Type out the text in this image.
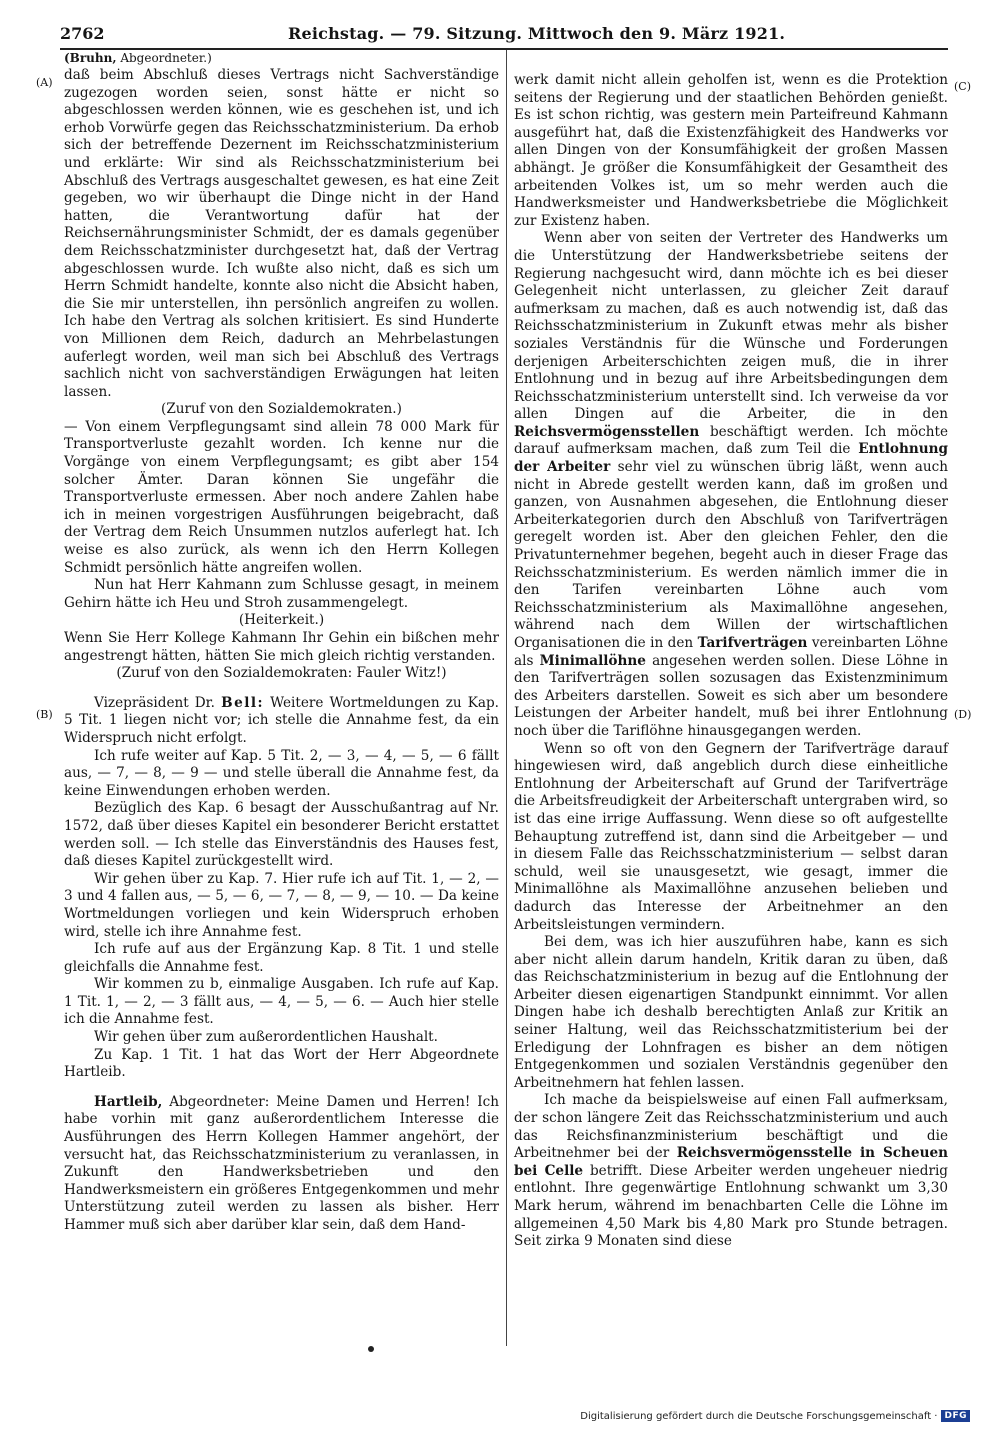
2762	Reichstag. — 79. Sitzung. Mittwoch den 9. März 1921.
(A)
(B)
(C)
(D)

(Bruhn, Abgeordneter.)

daß beim Abschluß dieses Vertrags nicht Sachverständige zugezogen worden seien, sonst hätte er nicht so abgeschlossen werden können, wie es geschehen ist, und ich erhob Vorwürfe gegen das Reichsschatzministerium. Da erhob sich der betreffende Dezernent im Reichsschatzministerium und erklärte: Wir sind als Reichsschatzministerium bei Abschluß des Vertrags ausgeschaltet gewesen, es hat eine Zeit gegeben, wo wir überhaupt die Dinge nicht in der Hand hatten, die Verantwortung dafür hat der Reichsernährungsminister Schmidt, der es damals gegenüber dem Reichsschatzminister durchgesetzt hat, daß der Vertrag abgeschlossen wurde. Ich wußte also nicht, daß es sich um Herrn Schmidt handelte, konnte also nicht die Absicht haben, die Sie mir unterstellen, ihn persönlich angreifen zu wollen. Ich habe den Vertrag als solchen kritisiert. Es sind Hunderte von Millionen dem Reich, dadurch an Mehrbelastungen auferlegt worden, weil man sich bei Abschluß des Vertrags sachlich nicht von sachverständigen Erwägungen hat leiten lassen.

(Zuruf von den Sozialdemokraten.)

— Von einem Verpflegungsamt sind allein 78 000 Mark für Transportverluste gezahlt worden. Ich kenne nur die Vorgänge von einem Verpflegungsamt; es gibt aber 154 solcher Ämter. Daran können Sie ungefähr die Transportverluste ermessen. Aber noch andere Zahlen habe ich in meinen vorgestrigen Ausführungen beigebracht, daß der Vertrag dem Reich Unsummen nutzlos auferlegt hat. Ich weise es also zurück, als wenn ich den Herrn Kollegen Schmidt persönlich hätte angreifen wollen.

Nun hat Herr Kahmann zum Schlusse gesagt, in meinem Gehirn hätte ich Heu und Stroh zusammengelegt.

(Heiterkeit.)

Wenn Sie Herr Kollege Kahmann Ihr Gehin ein bißchen mehr angestrengt hätten, hätten Sie mich gleich richtig verstanden.

(Zuruf von den Sozialdemokraten: Fauler Witz!)

Vizepräsident Dr. Bell: Weitere Wortmeldungen zu Kap. 5 Tit. 1 liegen nicht vor; ich stelle die Annahme fest, da ein Widerspruch nicht erfolgt.

Ich rufe weiter auf Kap. 5 Tit. 2, — 3, — 4, — 5, — 6 fällt aus, — 7, — 8, — 9 — und stelle überall die Annahme fest, da keine Einwendungen erhoben werden.

Bezüglich des Kap. 6 besagt der Ausschußantrag auf Nr. 1572, daß über dieses Kapitel ein besonderer Bericht erstattet werden soll. — Ich stelle das Einverständnis des Hauses fest, daß dieses Kapitel zurückgestellt wird.

Wir gehen über zu Kap. 7. Hier rufe ich auf Tit. 1, — 2, — 3 und 4 fallen aus, — 5, — 6, — 7, — 8, — 9, — 10. — Da keine Wortmeldungen vorliegen und kein Widerspruch erhoben wird, stelle ich ihre Annahme fest.

Ich rufe auf aus der Ergänzung Kap. 8 Tit. 1 und stelle gleichfalls die Annahme fest.

Wir kommen zu b, einmalige Ausgaben. Ich rufe auf Kap. 1 Tit. 1, — 2, — 3 fällt aus, — 4, — 5, — 6. — Auch hier stelle ich die Annahme fest.

Wir gehen über zum außerordentlichen Haushalt.

Zu Kap. 1 Tit. 1 hat das Wort der Herr Abgeordnete Hartleib.

Hartleib, Abgeordneter: Meine Damen und Herren! Ich habe vorhin mit ganz außerordentlichem Interesse die Ausführungen des Herrn Kollegen Hammer angehört, der versucht hat, das Reichsschatzministerium zu veranlassen, in Zukunft den Handwerksbetrieben und den Handwerksmeistern ein größeres Entgegenkommen und mehr Unterstützung zuteil werden zu lassen als bisher. Herr Hammer muß sich aber darüber klar sein, daß dem Hand-

werk damit nicht allein geholfen ist, wenn es die Protektion seitens der Regierung und der staatlichen Behörden genießt. Es ist schon richtig, was gestern mein Parteifreund Kahmann ausgeführt hat, daß die Existenzfähigkeit des Handwerks vor allen Dingen von der Konsumfähigkeit der großen Massen abhängt. Je größer die Konsumfähigkeit der Gesamtheit des arbeitenden Volkes ist, um so mehr werden auch die Handwerksmeister und Handwerksbetriebe die Möglichkeit zur Existenz haben.

Wenn aber von seiten der Vertreter des Handwerks um die Unterstützung der Handwerksbetriebe seitens der Regierung nachgesucht wird, dann möchte ich es bei dieser Gelegenheit nicht unterlassen, zu gleicher Zeit darauf aufmerksam zu machen, daß es auch notwendig ist, daß das Reichsschatzministerium in Zukunft etwas mehr als bisher soziales Verständnis für die Wünsche und Forderungen derjenigen Arbeiterschichten zeigen muß, die in ihrer Entlohnung und in bezug auf ihre Arbeitsbedingungen dem Reichsschatzministerium unterstellt sind. Ich verweise da vor allen Dingen auf die Arbeiter, die in den Reichsvermögensstellen beschäftigt werden. Ich möchte darauf aufmerksam machen, daß zum Teil die Entlohnung der Arbeiter sehr viel zu wünschen übrig läßt, wenn auch nicht in Abrede gestellt werden kann, daß im großen und ganzen, von Ausnahmen abgesehen, die Entlohnung dieser Arbeiterkategorien durch den Abschluß von Tarifverträgen geregelt worden ist. Aber den gleichen Fehler, den die Privatunternehmer begehen, begeht auch in dieser Frage das Reichsschatzministerium. Es werden nämlich immer die in den Tarifen vereinbarten Löhne auch vom Reichsschatzministerium als Maximallöhne angesehen, während nach dem Willen der wirtschaftlichen Organisationen die in den Tarifverträgen vereinbarten Löhne als Minimallöhne angesehen werden sollen. Diese Löhne in den Tarifverträgen sollen sozusagen das Existenzminimum des Arbeiters darstellen. Soweit es sich aber um besondere Leistungen der Arbeiter handelt, muß bei ihrer Entlohnung noch über die Tariflöhne hinausgegangen werden.

Wenn so oft von den Gegnern der Tarifverträge darauf hingewiesen wird, daß angeblich durch diese einheitliche Entlohnung der Arbeiterschaft auf Grund der Tarifverträge die Arbeitsfreudigkeit der Arbeiterschaft untergraben wird, so ist das eine irrige Auffassung. Wenn diese so oft aufgestellte Behauptung zutreffend ist, dann sind die Arbeitgeber — und in diesem Falle das Reichsschatzministerium — selbst daran schuld, weil sie unausgesetzt, wie gesagt, immer die Minimallöhne als Maximallöhne anzusehen belieben und dadurch das Interesse der Arbeitnehmer an den Arbeitsleistungen vermindern.

Bei dem, was ich hier auszuführen habe, kann es sich aber nicht allein darum handeln, Kritik daran zu üben, daß das Reichschatzministerium in bezug auf die Entlohnung der Arbeiter diesen eigenartigen Standpunkt einnimmt. Vor allen Dingen habe ich deshalb berechtigten Anlaß zur Kritik an seiner Haltung, weil das Reichsschatzmitisterium bei der Erledigung der Lohnfragen es bisher an dem nötigen Entgegenkommen und sozialen Verständnis gegenüber den Arbeitnehmern hat fehlen lassen.

Ich mache da beispielsweise auf einen Fall aufmerksam, der schon längere Zeit das Reichsschatzministerium und auch das Reichsfinanzministerium beschäftigt und die Arbeitnehmer bei der Reichsvermögensstelle in Scheuen bei Celle betrifft. Diese Arbeiter werden ungeheuer niedrig entlohnt. Ihre gegenwärtige Entlohnung schwankt um 3,30 Mark herum, während im benachbarten Celle die Löhne im allgemeinen 4,50 Mark bis 4,80 Mark pro Stunde betragen. Seit zirka 9 Monaten sind diese

Digitalisierung gefördert durch die Deutsche Forschungsgemeinschaft · DFG
